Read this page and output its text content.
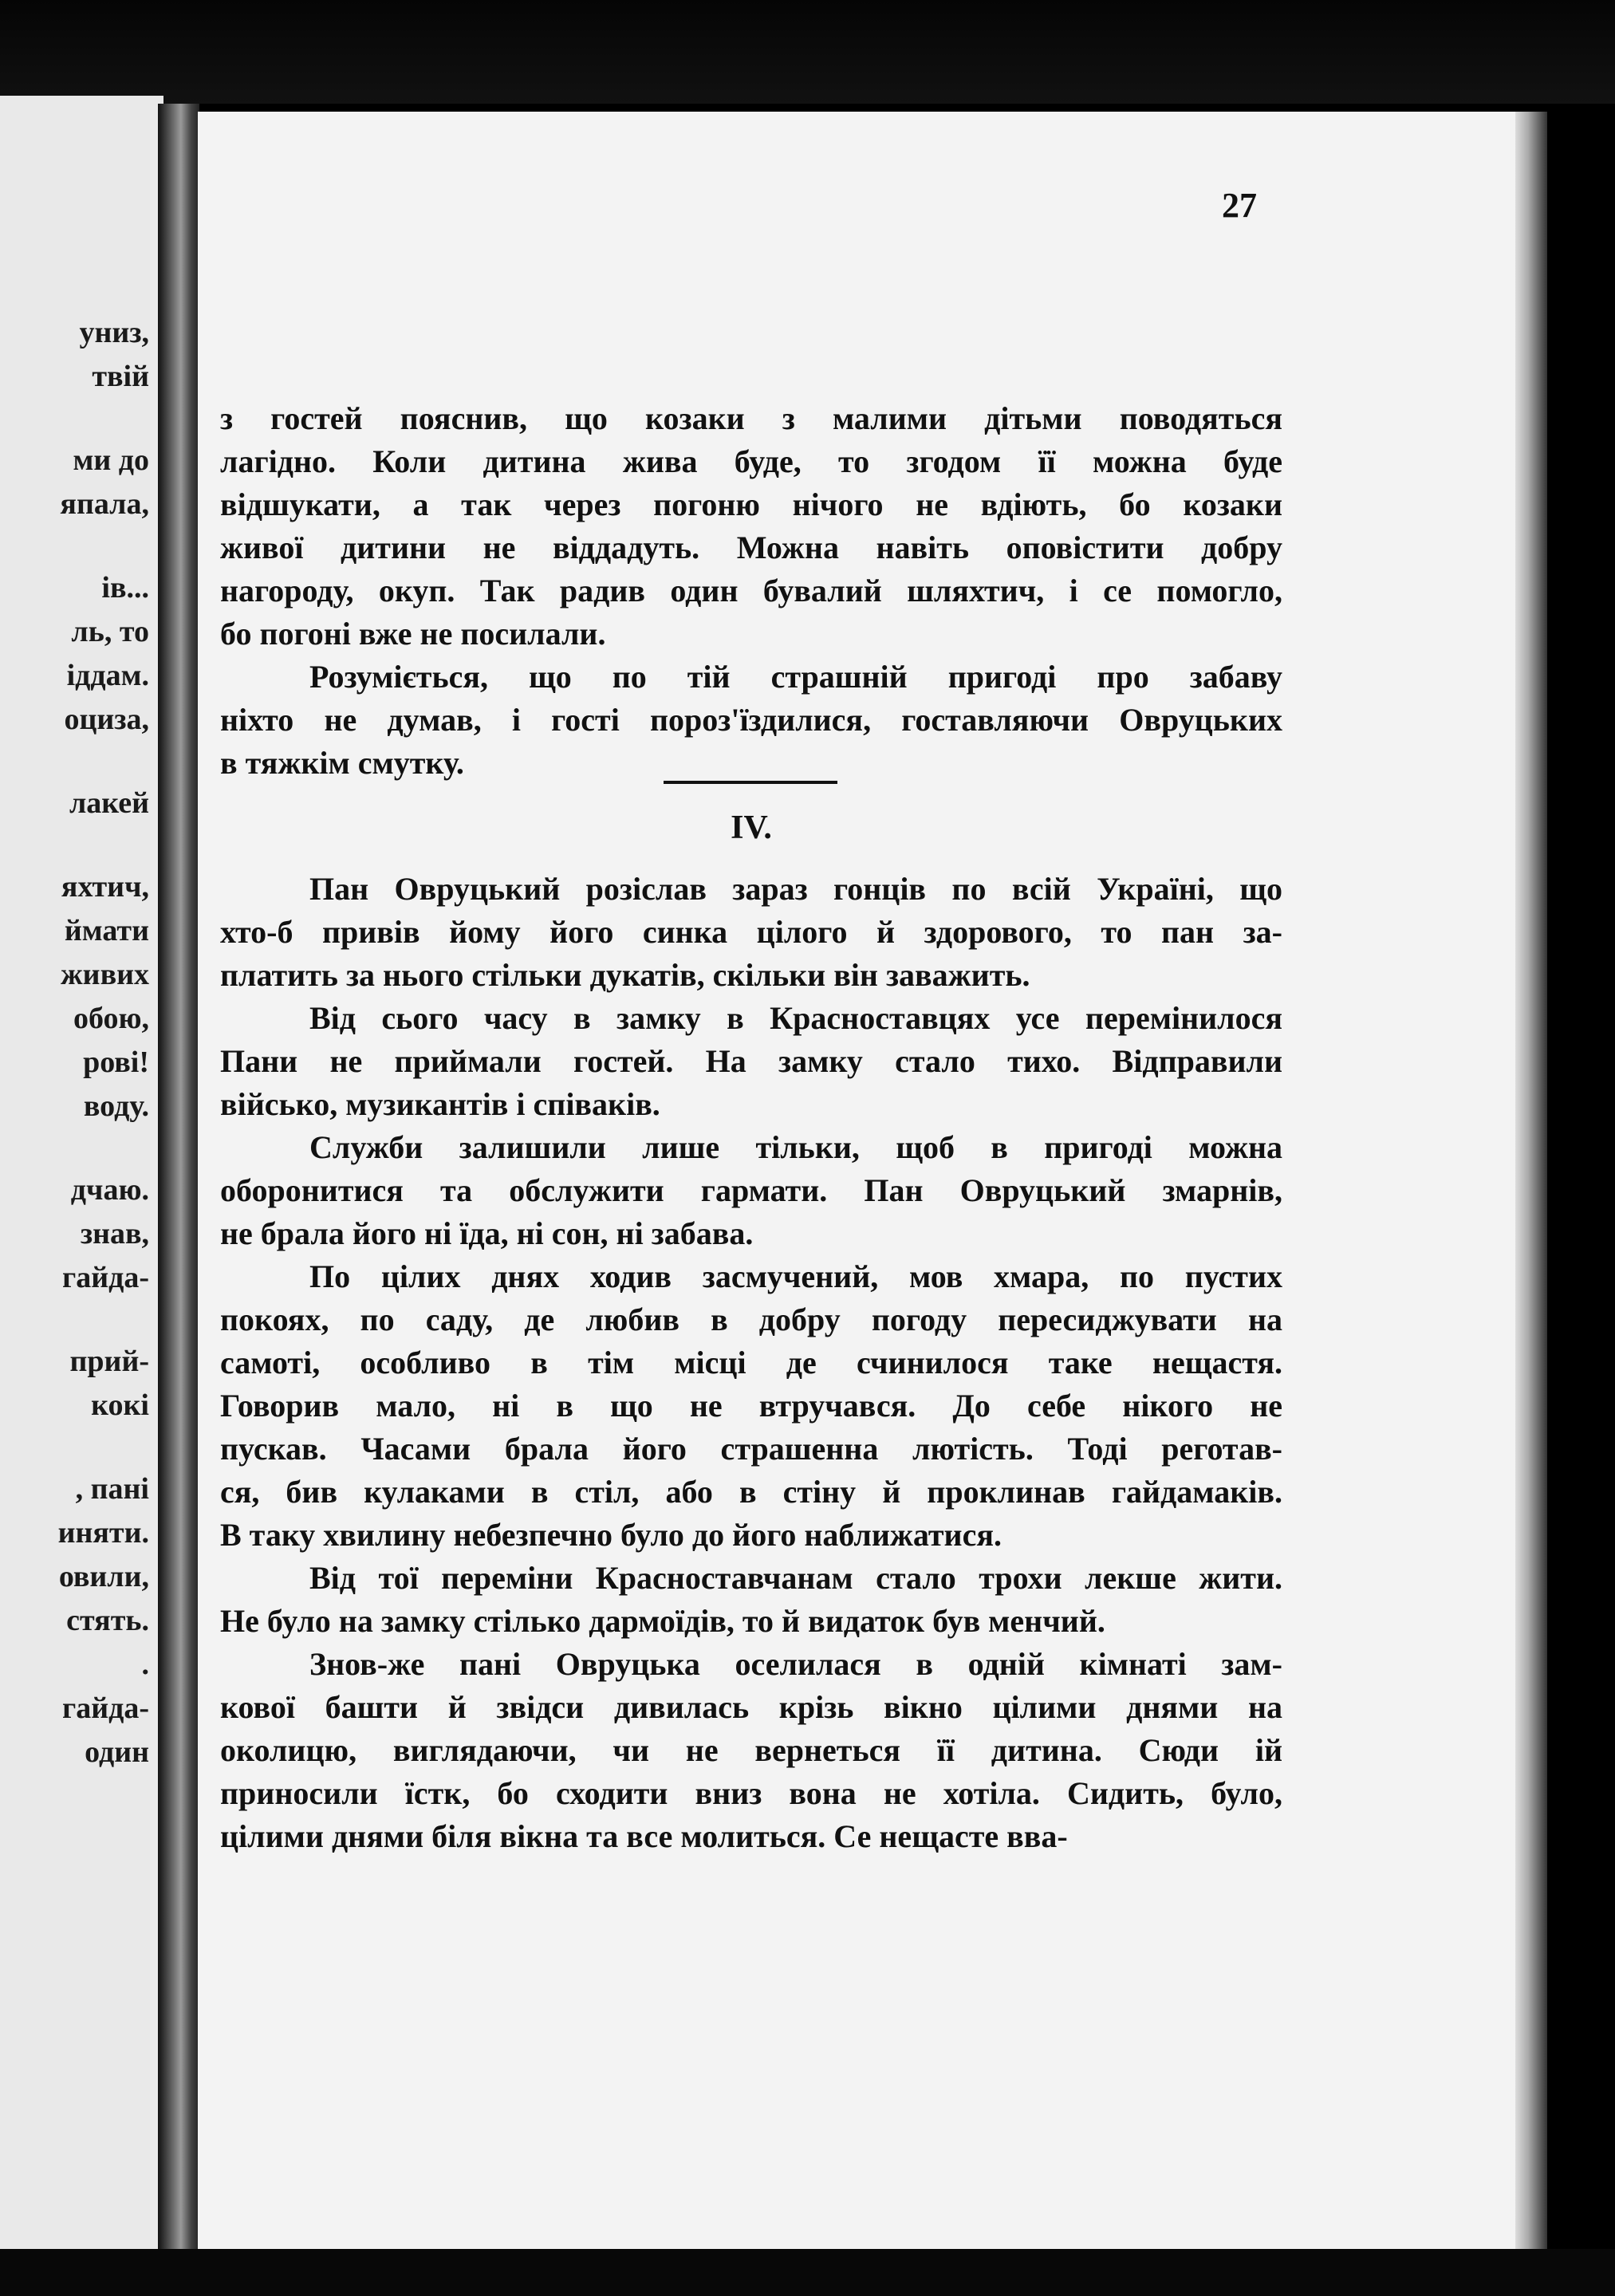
униз,
твій
ми до
япала,
ів...
ль, то
іддам.
оциза,
лакей
яхтич,
ймати
живих
обою,
рові!
воду.
дчаю.
знав,
гайда-
прий-
кокі
, пані
иняти.
овили,
стять.
.
гайда-
один
27
з гостей пояснив, що козаки з малими дітьми поводяться
лагідно. Коли дитина жива буде, то згодом її можна буде
відшукати, а так через погоню нічого не вдіють, бо козаки
живої дитини не віддадуть. Можна навіть оповістити добру
нагороду, окуп. Так радив один бувалий шляхтич, і се помогло,
бо погоні вже не посилали.
Розуміється, що по тій страшній пригоді про забаву
ніхто не думав, і гості пороз'їздилися, гоставляючи Овруцьких
в тяжкім смутку.
IV.
Пан Овруцький розіслав зараз гонців по всій Україні, що
хто-б привів йому його синка цілого й здорового, то пан за-
платить за нього стільки дукатів, скільки він заважить.
Від сього часу в замку в Красноставцях усе перемінилося
Пани не приймали гостей. На замку стало тихо. Відправили
військо, музикантів і співаків.
Служби залишили лише тільки, щоб в пригоді можна
оборонитися та обслужити гармати. Пан Овруцький змарнів,
не брала його ні їда, ні сон, ні забава.
По цілих днях ходив засмучений, мов хмара, по пустих
покоях, по саду, де любив в добру погоду пересиджувати на
самоті, особливо в тім місці де счинилося таке нещастя.
Говорив мало, ні в що не втручався. До себе нікого не
пускав. Часами брала його страшенна лютість. Тоді реготав-
ся, бив кулаками в стіл, або в стіну й проклинав гайдамаків.
В таку хвилину небезпечно було до його наближатися.
Від тої переміни Красноставчанам стало трохи лекше жити.
Не було на замку стілько дармоїдів, то й видаток був менчий.
Знов-же пані Овруцька оселилася в одній кімнаті зам-
кової башти й звідси дивилась крізь вікно цілими днями на
околицю, виглядаючи, чи не вернеться її дитина. Сюди ій
приносили їстк, бо сходити вниз вона не хотіла. Сидить, було,
цілими днями біля вікна та все молиться. Се нещасте вва-
